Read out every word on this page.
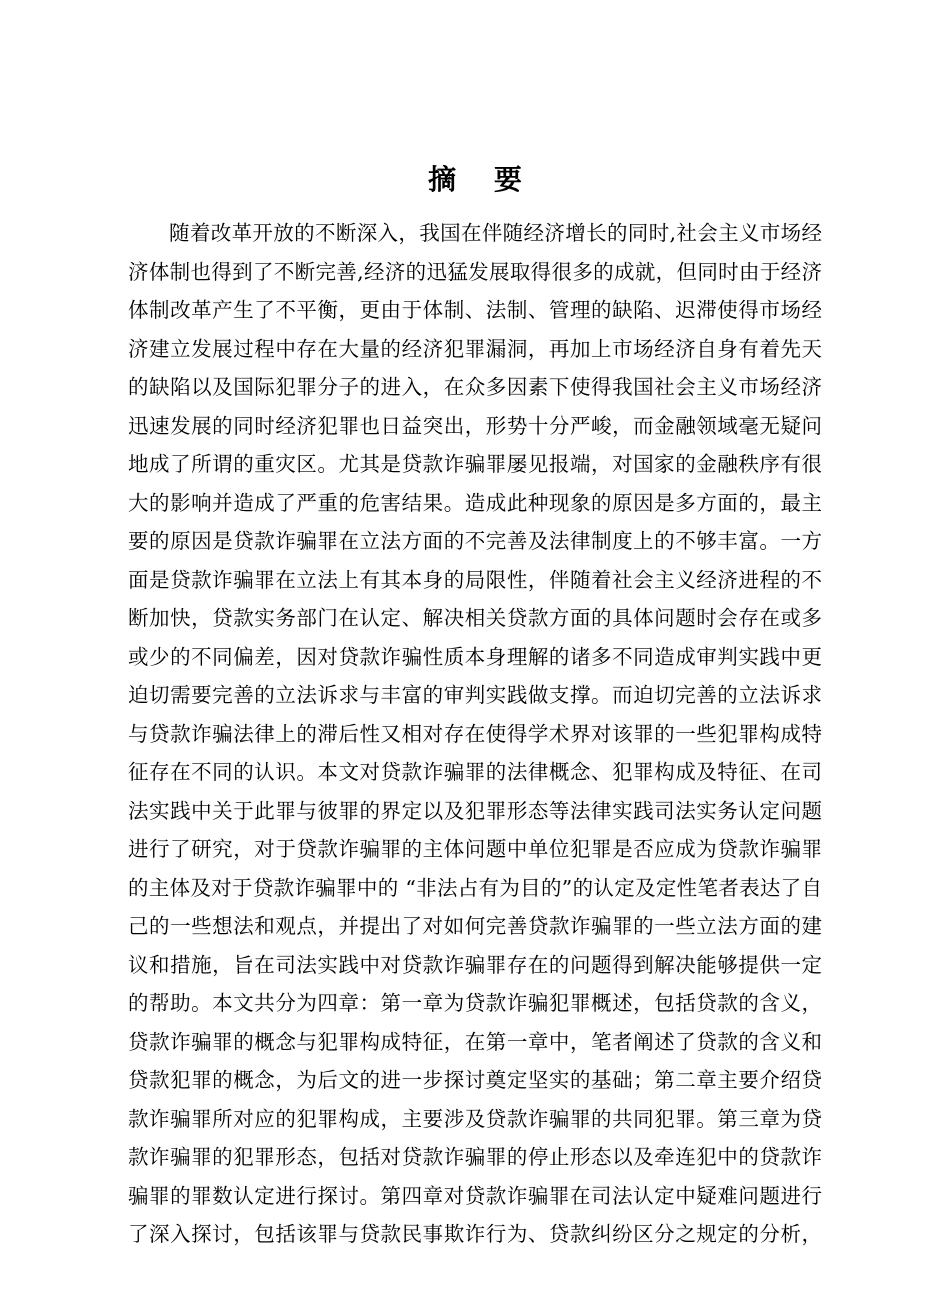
摘 要
随着改革开放的不断深入，我国在伴随经济增长的同时,社会主义市场经
济体制也得到了不断完善,经济的迅猛发展取得很多的成就，但同时由于经济
体制改革产生了不平衡，更由于体制、法制、管理的缺陷、迟滞使得市场经
济建立发展过程中存在大量的经济犯罪漏洞，再加上市场经济自身有着先天
的缺陷以及国际犯罪分子的进入，在众多因素下使得我国社会主义市场经济
迅速发展的同时经济犯罪也日益突出，形势十分严峻，而金融领域毫无疑问
地成了所谓的重灾区。尤其是贷款诈骗罪屡见报端，对国家的金融秩序有很
大的影响并造成了严重的危害结果。造成此种现象的原因是多方面的，最主
要的原因是贷款诈骗罪在立法方面的不完善及法律制度上的不够丰富。一方
面是贷款诈骗罪在立法上有其本身的局限性，伴随着社会主义经济进程的不
断加快，贷款实务部门在认定、解决相关贷款方面的具体问题时会存在或多
或少的不同偏差，因对贷款诈骗性质本身理解的诸多不同造成审判实践中更
迫切需要完善的立法诉求与丰富的审判实践做支撑。而迫切完善的立法诉求
与贷款诈骗法律上的滞后性又相对存在使得学术界对该罪的一些犯罪构成特
征存在不同的认识。本文对贷款诈骗罪的法律概念、犯罪构成及特征、在司
法实践中关于此罪与彼罪的界定以及犯罪形态等法律实践司法实务认定问题
进行了研究，对于贷款诈骗罪的主体问题中单位犯罪是否应成为贷款诈骗罪
的主体及对于贷款诈骗罪中的 “非法占有为目的”的认定及定性笔者表达了自
己的一些想法和观点，并提出了对如何完善贷款诈骗罪的一些立法方面的建
议和措施，旨在司法实践中对贷款诈骗罪存在的问题得到解决能够提供一定
的帮助。本文共分为四章：第一章为贷款诈骗犯罪概述，包括贷款的含义，
贷款诈骗罪的概念与犯罪构成特征，在第一章中，笔者阐述了贷款的含义和
贷款犯罪的概念，为后文的进一步探讨奠定坚实的基础；第二章主要介绍贷
款诈骗罪所对应的犯罪构成，主要涉及贷款诈骗罪的共同犯罪。第三章为贷
款诈骗罪的犯罪形态，包括对贷款诈骗罪的停止形态以及牵连犯中的贷款诈
骗罪的罪数认定进行探讨。第四章对贷款诈骗罪在司法认定中疑难问题进行
了深入探讨，包括该罪与贷款民事欺诈行为、贷款纠纷区分之规定的分析，
